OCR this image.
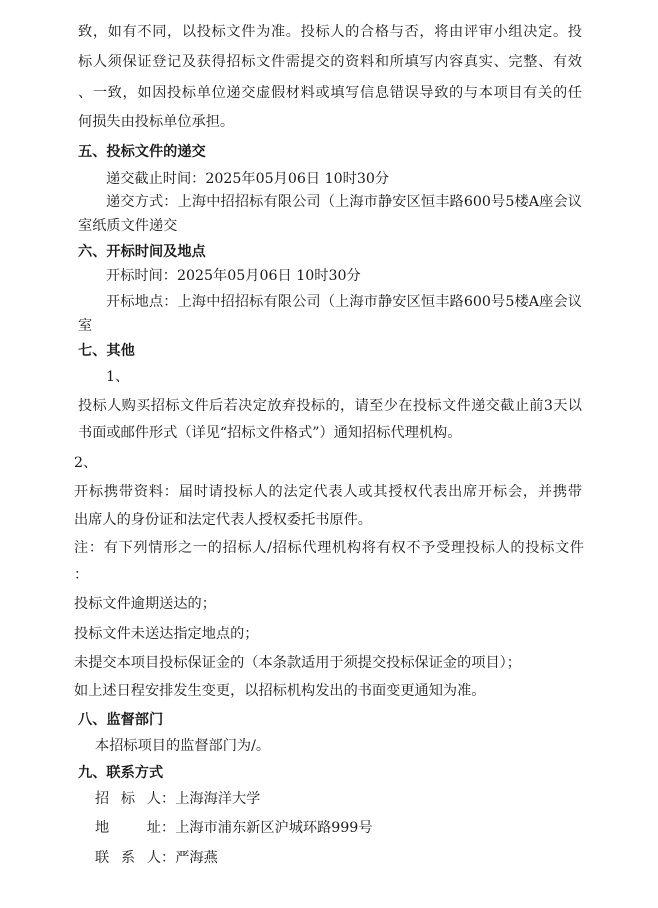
致，如有不同，以投标文件为准。投标人的合格与否，将由评审小组决定。投
标人须保证登记及获得招标文件需提交的资料和所填写内容真实、完整、有效
、一致，如因投标单位递交虚假材料或填写信息错误导致的与本项目有关的任
何损失由投标单位承担。
五、投标文件的递交
递交截止时间：2025年05月06日 10时30分
递交方式：上海中招招标有限公司（上海市静安区恒丰路600号5楼A座会议
室纸质文件递交
六、开标时间及地点
开标时间：2025年05月06日 10时30分
开标地点：上海中招招标有限公司（上海市静安区恒丰路600号5楼A座会议
室
七、其他
1、
投标人购买招标文件后若决定放弃投标的，请至少在投标文件递交截止前3天以
书面或邮件形式（详见“招标文件格式”）通知招标代理机构。
2、
开标携带资料：届时请投标人的法定代表人或其授权代表出席开标会，并携带
出席人的身份证和法定代表人授权委托书原件。
注：有下列情形之一的招标人/招标代理机构将有权不予受理投标人的投标文件
：
投标文件逾期送达的；
投标文件未送达指定地点的；
未提交本项目投标保证金的（本条款适用于须提交投标保证金的项目）；
如上述日程安排发生变更，以招标机构发出的书面变更通知为准。
八、监督部门
本招标项目的监督部门为/。
九、联系方式
招 标 人：上海海洋大学
地 址：上海市浦东新区沪城环路999号
联 系 人：严海燕
